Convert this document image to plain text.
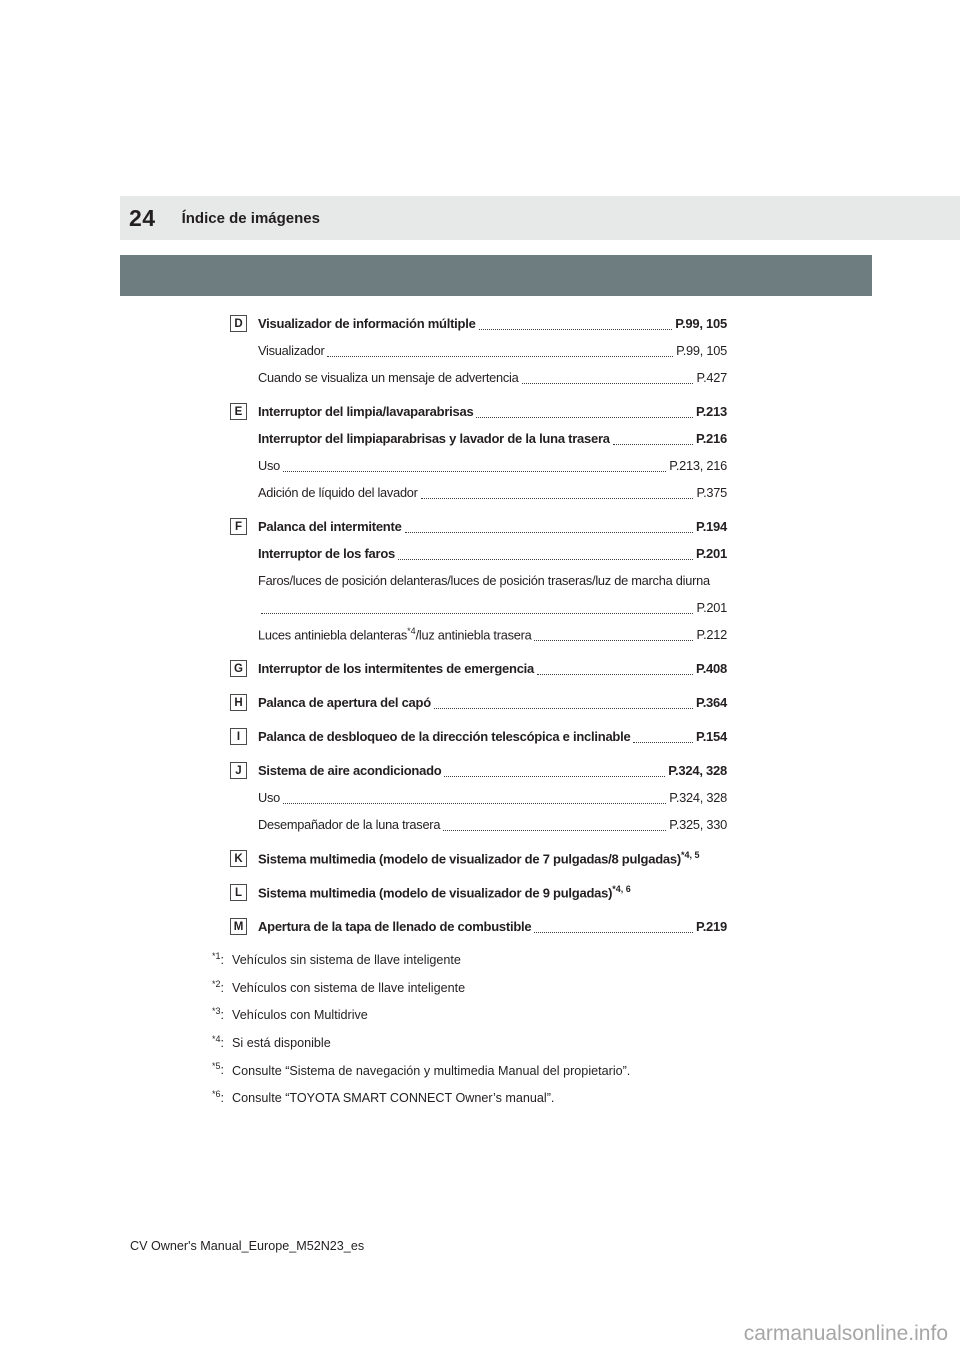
24 Índice de imágenes
D	Visualizador de información múltiple	P.99, 105
Visualizador	P.99, 105
Cuando se visualiza un mensaje de advertencia	P.427
E	Interruptor del limpia/lavaparabrisas	P.213
Interruptor del limpiaparabrisas y lavador de la luna trasera	P.216
Uso	P.213, 216
Adición de líquido del lavador	P.375
F	Palanca del intermitente	P.194
Interruptor de los faros	P.201
Faros/luces de posición delanteras/luces de posición traseras/luz de marcha diurna
P.201
Luces antiniebla delanteras$^{*4}$/luz antiniebla trasera	P.212
G	Interruptor de los intermitentes de emergencia	P.408
H	Palanca de apertura del capó	P.364
I	Palanca de desbloqueo de la dirección telescópica e inclinable	P.154
J	Sistema de aire acondicionado	P.324, 328
Uso	P.324, 328
Desempañador de la luna trasera	P.325, 330
K	Sistema multimedia (modelo de visualizador de 7 pulgadas/8 pulgadas)$^{*4, 5}$
L	Sistema multimedia (modelo de visualizador de 9 pulgadas)$^{*4, 6}$
M Apertura de la tapa de llenado de combustible	P.219
$^{*1}$: Vehículos sin sistema de llave inteligente
$^{*2}$: Vehículos con sistema de llave inteligente
$^{*3}$: Vehículos con Multidrive
$^{*4}$: Si está disponible
$^{*5}$: Consulte “Sistema de navegación y multimedia Manual del propietario”.
$^{*6}$: Consulte “TOYOTA SMART CONNECT Owner’s manual”.
CV Owner's Manual_Europe_M52N23_es
carmanualsonline.info
